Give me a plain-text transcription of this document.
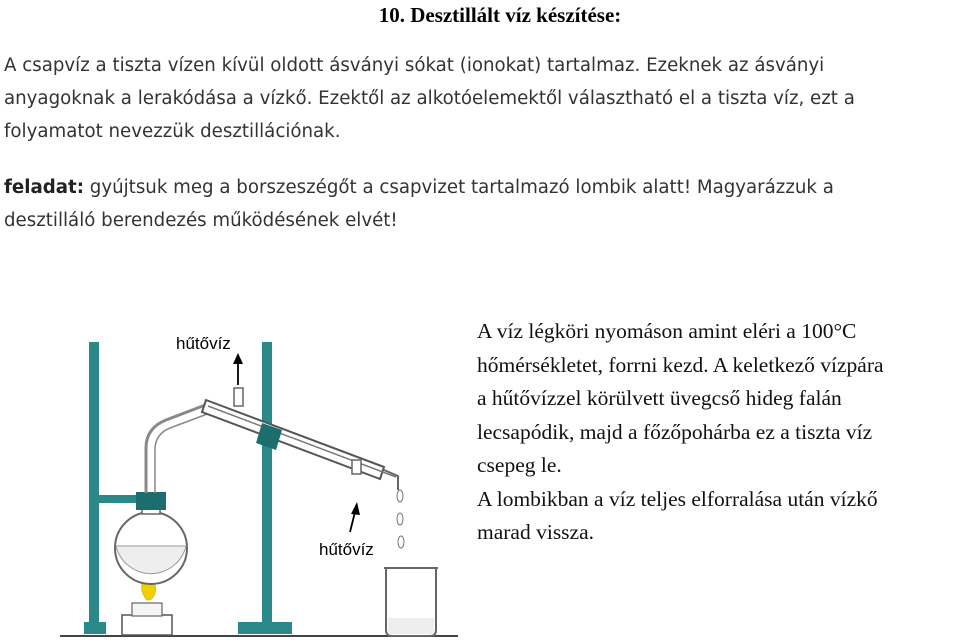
10. Desztillált víz készítése:
A csapvíz a tiszta vízen kívül oldott ásványi sókat (ionokat) tartalmaz. Ezeknek az ásványi
anyagoknak a lerakódása a vízkő. Ezektől az alkotóelemektől választható el a tiszta víz, ezt a
folyamatot nevezzük desztillációnak.
feladat: gyújtsuk meg a borszeszégőt a csapvizet tartalmazó lombik alatt! Magyarázzuk a
desztilláló berendezés működésének elvét!

A víz légköri nyomáson amint eléri a 100°C

hőmérsékletet, forrni kezd. A keletkező vízpára

a hűtővízzel körülvett üvegcső hideg falán

lecsapódik, majd a főzőpohárba ez a tiszta víz

csepeg le.

A lombikban a víz teljes elforralása után vízkő

marad vissza.

hűtővíz
hűtővíz
